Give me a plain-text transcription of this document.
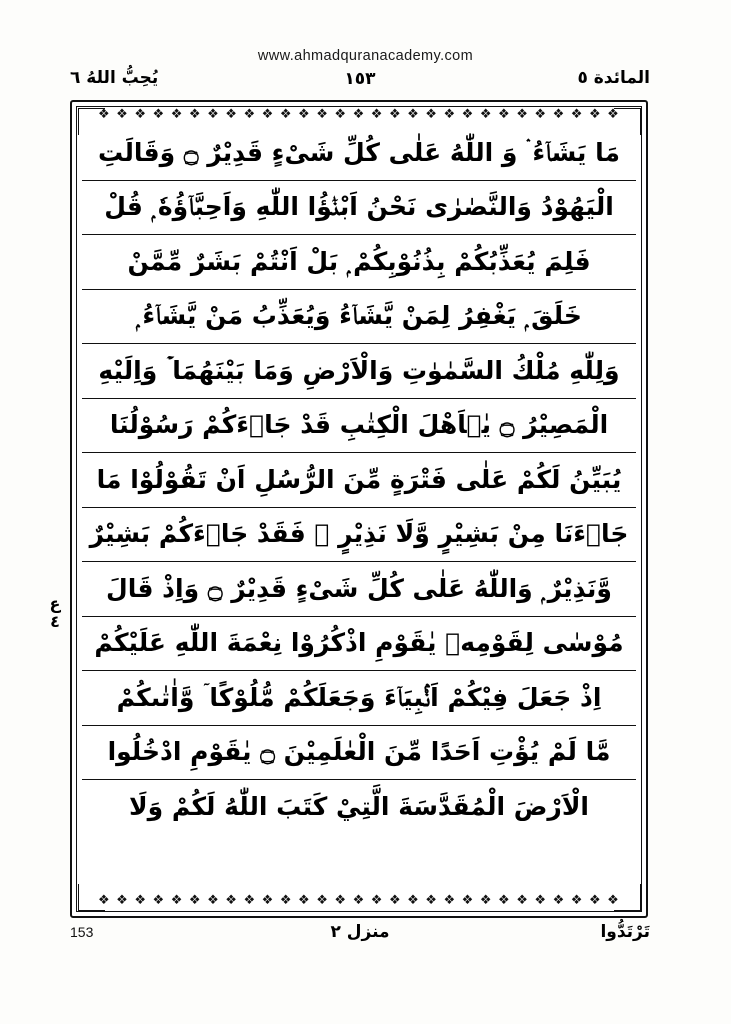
www.ahmadquranacademy.com
المائدة ٥
١٥٣
يُحِبُّ اللهُ ٦
❖ ❖ ❖ ❖ ❖ ❖ ❖ ❖ ❖ ❖ ❖ ❖ ❖ ❖ ❖ ❖ ❖ ❖ ❖ ❖ ❖ ❖ ❖ ❖ ❖ ❖ ❖ ❖ ❖
❖ ❖ ❖ ❖ ❖ ❖ ❖ ❖ ❖ ❖ ❖ ❖ ❖ ❖ ❖ ❖ ❖ ❖ ❖ ❖ ❖ ❖ ❖ ❖ ❖ ❖ ❖ ❖ ❖
مَا يَشَاۤءُ ۛ وَ اللّٰهُ عَلٰى كُلِّ شَىْءٍ قَدِيْرٌ ۝ وَقَالَتِ
الْيَهُوْدُ وَالنَّصٰرٰى نَحْنُ اَبْنٰۤؤُا اللّٰهِ وَاَحِبَّاۤؤُهٗ ۭ قُلْ
فَلِمَ يُعَذِّبُكُمْ بِذُنُوْبِكُمْ ۭ بَلْ اَنْتُمْ بَشَرٌ مِّمَّنْ
خَلَقَ ۭ يَغْفِرُ لِمَنْ يَّشَاۤءُ وَيُعَذِّبُ مَنْ يَّشَاۤءُ ۭ
وَلِلّٰهِ مُلْكُ السَّمٰوٰتِ وَالْاَرْضِ وَمَا بَيْنَهُمَا ۡ وَاِلَيْهِ
الْمَصِيْرُ ۝ يٰۤاَهْلَ الْكِتٰبِ قَدْ جَاۤءَكُمْ رَسُوْلُنَا
يُبَيِّنُ لَكُمْ عَلٰى فَتْرَةٍ مِّنَ الرُّسُلِ اَنْ تَقُوْلُوْا مَا
جَاۤءَنَا مِنْ بَشِيْرٍ وَّلَا نَذِيْرٍ ۣ فَقَدْ جَاۤءَكُمْ بَشِيْرٌ
وَّنَذِيْرٌ ۭ وَاللّٰهُ عَلٰى كُلِّ شَىْءٍ قَدِيْرٌ ۝ وَاِذْ قَالَ
مُوْسٰى لِقَوْمِهٖ يٰقَوْمِ اذْكُرُوْا نِعْمَةَ اللّٰهِ عَلَيْكُمْ
اِذْ جَعَلَ فِيْكُمْ اَنْۢبِيَاۤءَ وَجَعَلَكُمْ مُّلُوْكًا ۤ وَّاٰتٰىكُمْ
مَّا لَمْ يُؤْتِ اَحَدًا مِّنَ الْعٰلَمِيْنَ ۝ يٰقَوْمِ ادْخُلُوا
الْاَرْضَ الْمُقَدَّسَةَ الَّتِيْ كَتَبَ اللّٰهُ لَكُمْ وَلَا
ع ٤
تَرْتَدُّوا
منزل ٢
153
